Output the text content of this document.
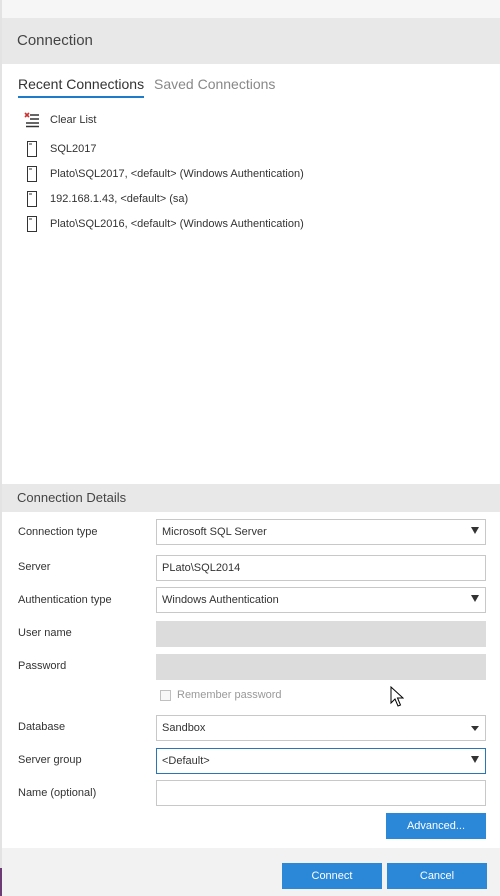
Connection
Recent Connections Saved Connections
Clear List
SQL2017
Plato\SQL2017, <default> (Windows Authentication)
192.168.1.43, <default> (sa)
Plato\SQL2016, <default> (Windows Authentication)
Connection Details
Connection type	Microsoft SQL Server
Server	PLato\SQL2014
Authentication type	Windows Authentication
User name
Password
Remember password
Database	Sandbox
Server group	<Default>
Name (optional)
Advanced...
Connect	Cancel
